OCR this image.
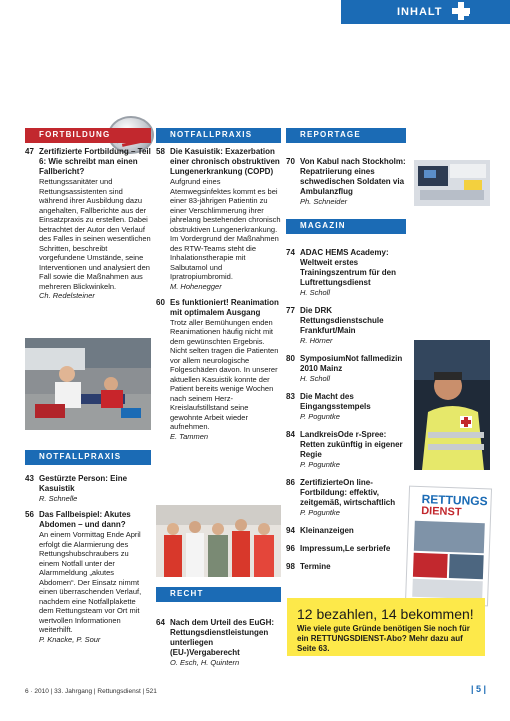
INHALT
FORTBILDUNG
47 Zertifizierte Fortbildung – Teil 6: Wie schreibt man einen Fallbericht?
Rettungssanitäter und Rettungsassistenten sind während ihrer Ausbildung dazu angehalten, Fallberichte aus der Einsatzpraxis zu erstellen. Dabei betrachtet der Autor den Verlauf des Falles in seinen wesentlichen Schritten, beschreibt vorgefundene Umstände, seine Interventionen und analysiert den Fall sowie die Maßnahmen aus mehreren Blickwinkeln.
Ch. Redelsteiner
NOTFALLPRAXIS
43 Gestürzte Person: Eine Kasuistik
R. Schnelle
56 Das Fallbeispiel: Akutes Abdomen – und dann?
An einem Vormittag Ende April erfolgt die Alarmierung des Rettungshubschraubers zu einem Notfall unter der Alarmmeldung „akutes Abdomen“. Der Einsatz nimmt einen überraschenden Verlauf, nachdem eine Notfallplakette dem Rettungsteam vor Ort mit wertvollen Informationen weiterhilft.
P. Knacke, P. Sour
NOTFALLPRAXIS
58 Die Kasuistik: Exazerbation einer chronisch obstruktiven Lungenerkrankung (COPD)
Aufgrund eines Atemwegsinfektes kommt es bei einer 83-jährigen Patientin zu einer Verschlimmerung ihrer jahrelang bestehenden chronisch obstruktiven Lungenerkrankung. Im Vordergrund der Maßnahmen des RTW-Teams steht die Inhalationstherapie mit Salbutamol und Ipratropiumbromid.
M. Hohenegger
60 Es funktioniert! Reanimation mit optimalem Ausgang
Trotz aller Bemühungen enden Reanimationen häufig nicht mit dem gewünschten Ergebnis. Nicht selten tragen die Patienten vor allem neurologische Folgeschäden davon. In unserer aktuellen Kasuistik konnte der Patient bereits wenige Wochen nach seinem Herz-Kreislaufstillstand seine gewohnte Arbeit wieder aufnehmen.
E. Tammen
RECHT
64 Nach dem Urteil des EuGH: Rettungsdienstleistungen unterliegen (EU-)Vergaberecht
O. Esch, H. Quintern
REPORTAGE
70 Von Kabul nach Stockholm: Repatriierung eines schwedischen Soldaten via Ambulanzflug
Ph. Schneider
MAGAZIN
74 ADAC HEMS Academy: Weltweit erstes Trainingszentrum für den Luftrettungsdienst
H. Scholl
77 Die DRK Rettungsdienstschule Frankfurt/Main
R. Hörner
80 SymposiumNot fallmedizin 2010 Mainz
H. Scholl
83 Die Macht des Eingangsstempels
P. Poguntke
84 LandkreisOde r-Spree: Retten zukünftig in eigener Regie
P. Poguntke
86 ZertifizierteOn line-Fortbildung: effektiv, zeitgemäß, wirtschaftlich
P. Poguntke
94 Kleinanzeigen
96 Impressum,Le serbriefe
98 Termine
RETTUNGS
DIENST
12 bezahlen, 14 bekommen!
Wie viele gute Gründe benötigen Sie noch für ein RETTUNGSDIENST-Abo? Mehr dazu auf Seite 63.
6 · 2010 | 33. Jahrgang | Rettungsdienst | 521	| 5 |
